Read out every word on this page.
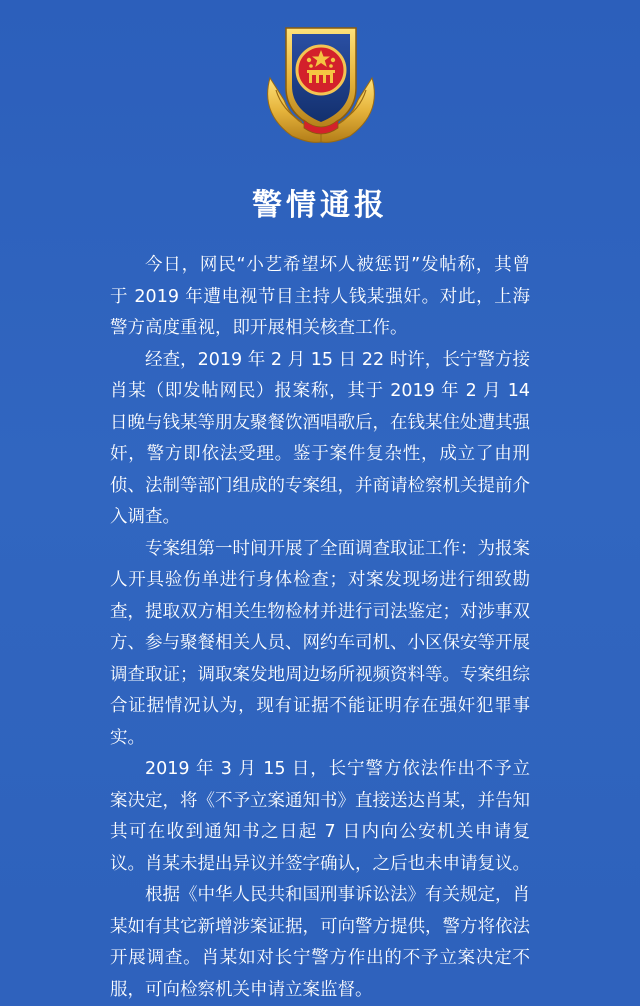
警情通报

今日，网民“小艺希望坏人被惩罚”发帖称，其曾于 2019 年遭电视节目主持人钱某强奸。对此，上海警方高度重视，即开展相关核查工作。

经查，2019 年 2 月 15 日 22 时许，长宁警方接肖某（即发帖网民）报案称，其于 2019 年 2 月 14 日晚与钱某等朋友聚餐饮酒唱歌后，在钱某住处遭其强奸，警方即依法受理。鉴于案件复杂性，成立了由刑侦、法制等部门组成的专案组，并商请检察机关提前介入调查。

专案组第一时间开展了全面调查取证工作：为报案人开具验伤单进行身体检查；对案发现场进行细致勘查，提取双方相关生物检材并进行司法鉴定；对涉事双方、参与聚餐相关人员、网约车司机、小区保安等开展调查取证；调取案发地周边场所视频资料等。专案组综合证据情况认为，现有证据不能证明存在强奸犯罪事实。

2019 年 3 月 15 日，长宁警方依法作出不予立案决定，将《不予立案通知书》直接送达肖某，并告知其可在收到通知书之日起 7 日内向公安机关申请复议。肖某未提出异议并签字确认，之后也未申请复议。

根据《中华人民共和国刑事诉讼法》有关规定，肖某如有其它新增涉案证据，可向警方提供，警方将依法开展调查。肖某如对长宁警方作出的不予立案决定不服，可向检察机关申请立案监督。
